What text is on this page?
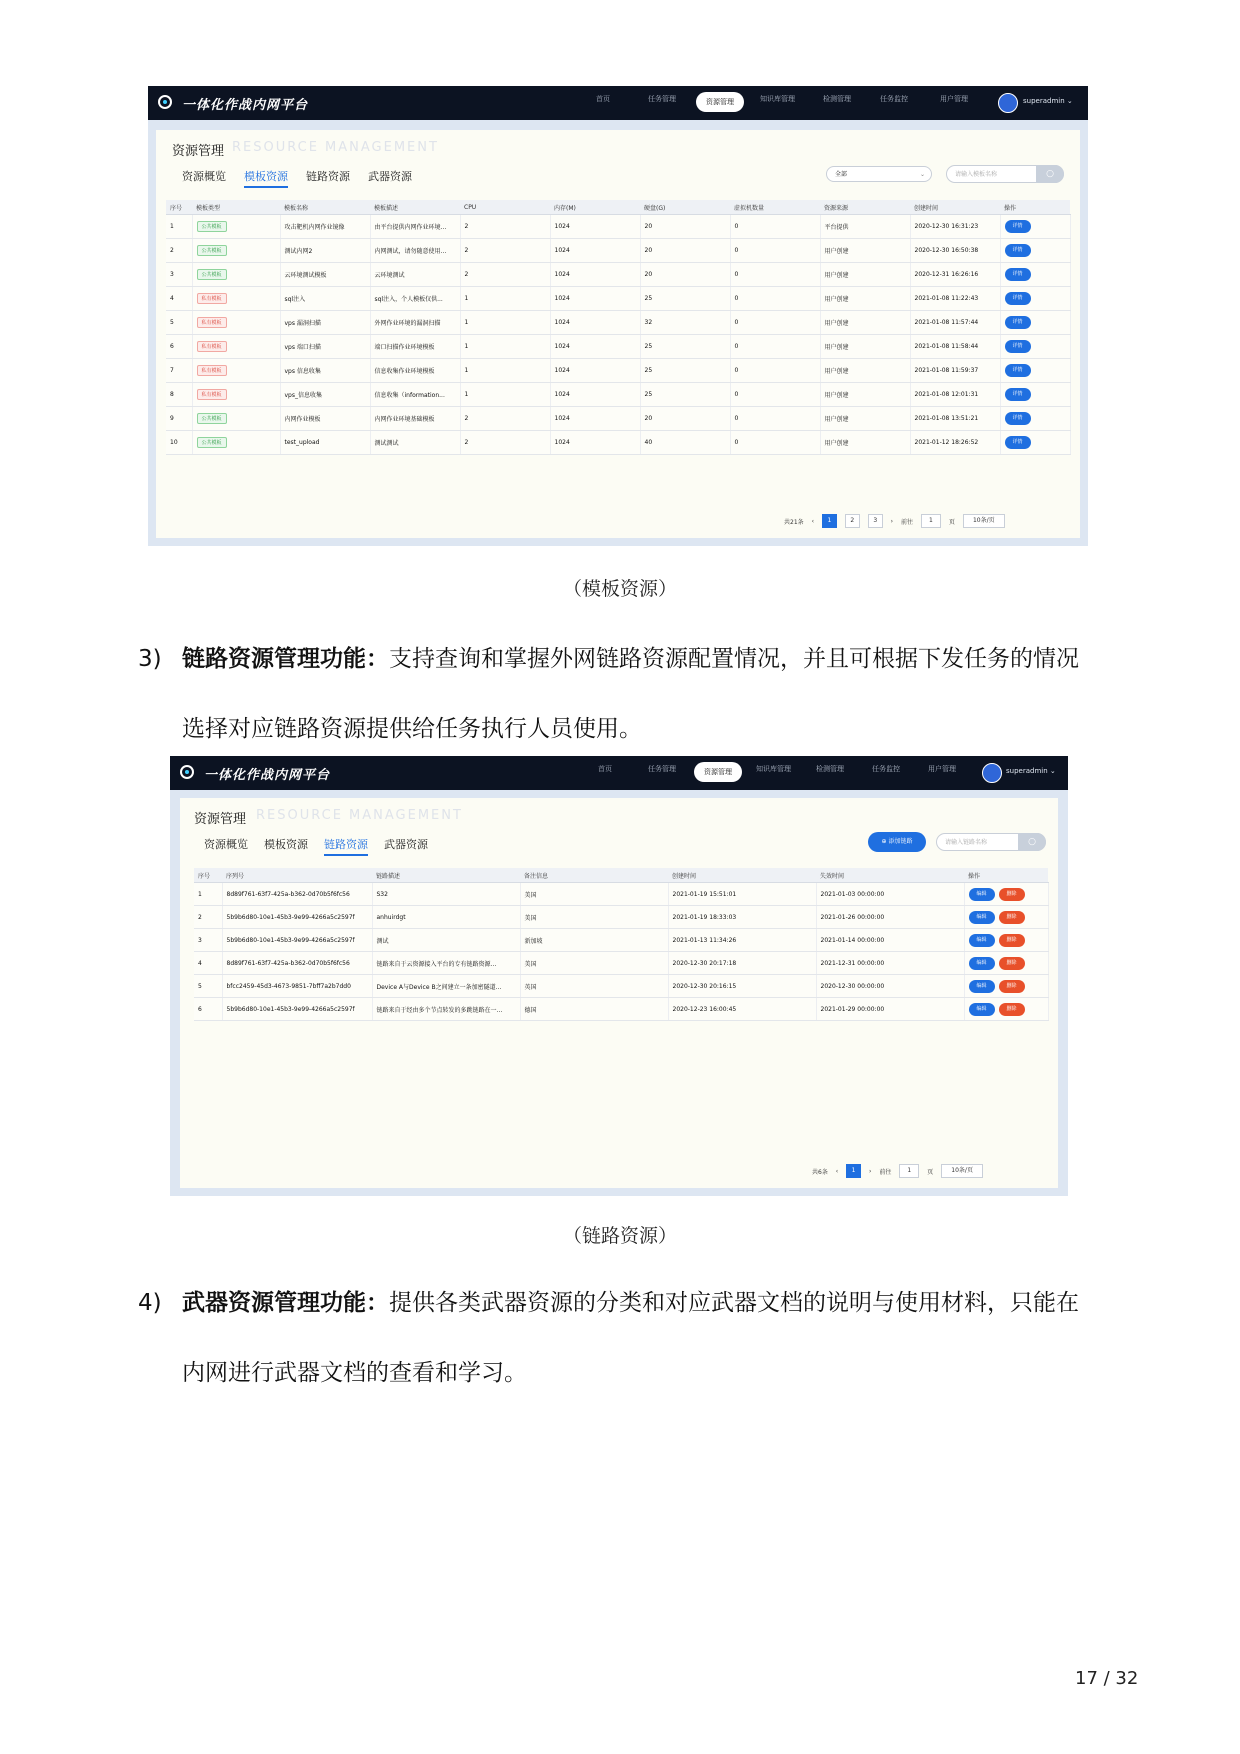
一体化作战内网平台	首页	任务管理	资源管理	知识库管理	检测管理	任务监控	用户管理	superadmin ⌄
资源管理 RESOURCE MANAGEMENT
资源概览 模板资源 链路资源 武器资源	全部	⌄	请输入模板名称	○
序号	模板类型	模板名称	模板描述	CPU	内存(M)	硬盘(G)	虚拟机数量	资源来源	创建时间	操作
1	公共模板	攻击靶机内网作业镜像	由平台提供内网作业环境...	2	1024	20	0	平台提供	2020-12-30 16:31:23	详情
2	公共模板	测试内网2	内网测试，请勿随意使用...	2	1024	20	0	用户创建	2020-12-30 16:50:38	详情
3	公共模板	云环境测试模板	云环境测试	2	1024	20	0	用户创建	2020-12-31 16:26:16	详情
4	私有模板	sql注入	sql注入，个人模板仅供...	1	1024	25	0	用户创建	2021-01-08 11:22:43	详情
5	私有模板	vps 漏洞扫描	外网作业环境的漏洞扫描	1	1024	32	0	用户创建	2021-01-08 11:57:44	详情
6	私有模板	vps 端口扫描	端口扫描作业环境模板	1	1024	25	0	用户创建	2021-01-08 11:58:44	详情
7	私有模板	vps 信息收集	信息收集作业环境模板	1	1024	25	0	用户创建	2021-01-08 11:59:37	详情
8	私有模板	vps_信息收集	信息收集（information...	1	1024	25	0	用户创建	2021-01-08 12:01:31	详情
9	公共模板	内网作业模板	内网作业环境基础模板	2	1024	20	0	用户创建	2021-01-08 13:51:21	详情
10	公共模板	test_upload	测试测试	2	1024	40	0	用户创建	2021-01-12 18:26:52	详情
共21条 ‹ 1	2	3 › 前往	1	页	10条/页
（模板资源）
3) 链路资源管理功能：支持查询和掌握外网链路资源配置情况，并且可根据下发任务的情况
选择对应链路资源提供给任务执行人员使用。
一体化作战内网平台	首页	任务管理	资源管理	知识库管理	检测管理	任务监控	用户管理	superadmin ⌄
资源管理 RESOURCE MANAGEMENT
资源概览 模板资源 链路资源 武器资源	⊕ 添加链路	请输入链路名称	○
序号	序列号	链路描述	备注信息	创建时间	失效时间	操作
1	8d89f761-63f7-425a-b362-0d70b5f6fc56	S32	美国	2021-01-19 15:51:01	2021-01-03 00:00:00	编辑 删除
2	5b9b6d80-10e1-45b3-9e99-4266a5c2597f	anhuirdgt	美国	2021-01-19 18:33:03	2021-01-26 00:00:00	编辑 删除
3	5b9b6d80-10e1-45b3-9e99-4266a5c2597f	测试	新加坡	2021-01-13 11:34:26	2021-01-14 00:00:00	编辑 删除
4	8d89f761-63f7-425a-b362-0d70b5f6fc56	链路来自于云资源接入平台的专有链路资源…	美国	2020-12-30 20:17:18	2021-12-31 00:00:00	编辑 删除
5	bfcc2459-45d3-4673-9851-7bff7a2b7dd0	Device A与Device B之间建立一条加密隧道…	英国	2020-12-30 20:16:15	2020-12-30 00:00:00	编辑 删除
6	5b9b6d80-10e1-45b3-9e99-4266a5c2597f	链路来自于经由多个节点转发的多跳链路在一…	德国	2020-12-23 16:00:45	2021-01-29 00:00:00	编辑 删除
共6条 ‹ 1 › 前往	1	页	10条/页
（链路资源）
4) 武器资源管理功能：提供各类武器资源的分类和对应武器文档的说明与使用材料，只能在
内网进行武器文档的查看和学习。
17 / 32
